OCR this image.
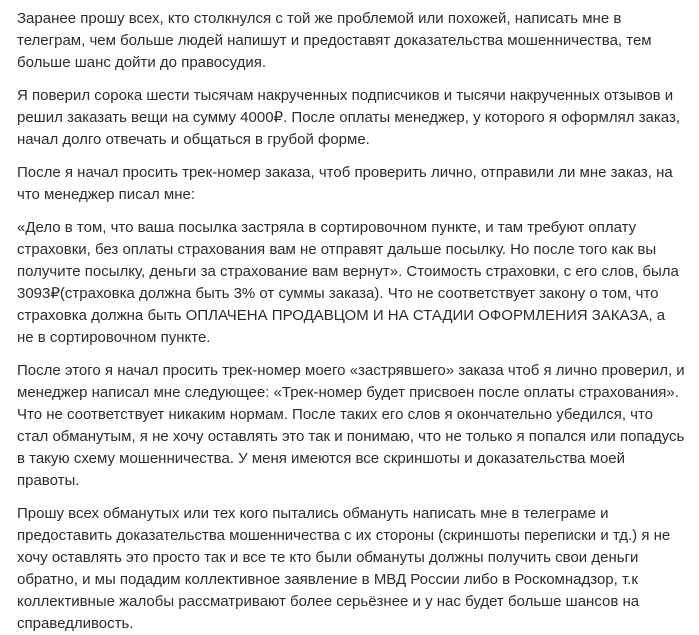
Заранее прошу всех, кто столкнулся с той же проблемой или похожей, написать мне в телеграм, чем больше людей напишут и предоставят доказательства мошенничества, тем больше шанс дойти до правосудия.

Я поверил сорока шести тысячам накрученных подписчиков и тысячи накрученных отзывов и решил заказать вещи на сумму 4000₽. После оплаты менеджер, у которого я оформлял заказ, начал долго отвечать и общаться в грубой форме.

После я начал просить трек-номер заказа, чтоб проверить лично, отправили ли мне заказ, на что менеджер писал мне:

«Дело в том, что ваша посылка застряла в сортировочном пункте, и там требуют оплату страховки, без оплаты страхования вам не отправят дальше посылку. Но после того как вы получите посылку, деньги за страхование вам вернут». Стоимость страховки, с его слов, была 3093₽(страховка должна быть 3% от суммы заказа). Что не соответствует закону о том, что страховка должна быть ОПЛАЧЕНА ПРОДАВЦОМ И НА СТАДИИ ОФОРМЛЕНИЯ ЗАКАЗА, а не в сортировочном пункте.

После этого я начал просить трек-номер моего «застрявшего» заказа чтоб я лично проверил, и менеджер написал мне следующее: «Трек-номер будет присвоен после оплаты страхования». Что не соответствует никаким нормам. После таких его слов я окончательно убедился, что стал обманутым, я не хочу оставлять это так и понимаю, что не только я попался или попадусь в такую схему мошенничества. У меня имеются все скриншоты и доказательства моей правоты.

Прошу всех обманутых или тех кого пытались обмануть написать мне в телеграме и предоставить доказательства мошенничества с их стороны (скриншоты переписки и тд.) я не хочу оставлять это просто так и все те кто были обмануты должны получить свои деньги обратно, и мы подадим коллективное заявление в МВД России либо в Роскомнадзор, т.к коллективные жалобы рассматривают более серьёзнее и у нас будет больше шансов на справедливость.
